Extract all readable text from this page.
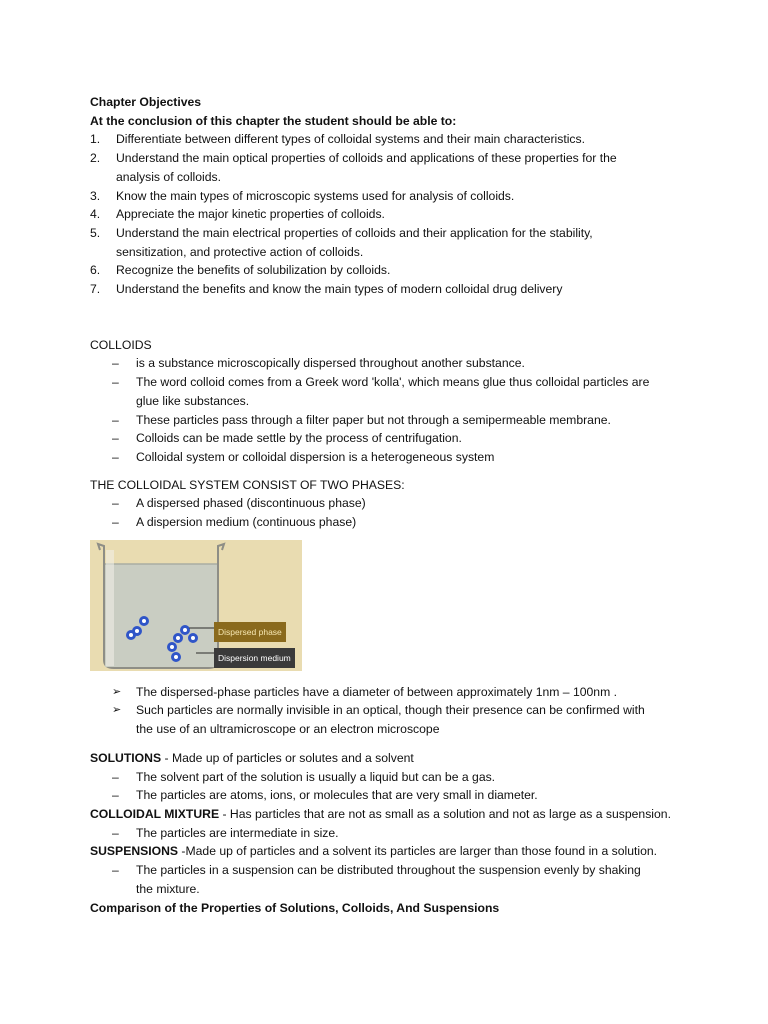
Chapter Objectives
At the conclusion of this chapter the student should be able to:
1.	Differentiate between different types of colloidal systems and their main characteristics.
2.	Understand the main optical properties of colloids and applications of these properties for the
analysis of colloids.
3.	Know the main types of microscopic systems used for analysis of colloids.
4.	Appreciate the major kinetic properties of colloids.
5.	Understand the main electrical properties of colloids and their application for the stability,
sensitization, and protective action of colloids.
6.	Recognize the benefits of solubilization by colloids.
7.	Understand the benefits and know the main types of modern colloidal drug delivery
COLLOIDS
–	is a substance microscopically dispersed throughout another substance.
–	The word colloid comes from a Greek word 'kolla', which means glue thus colloidal particles are
glue like substances.
–	These particles pass through a filter paper but not through a semipermeable membrane.
–	Colloids can be made settle by the process of centrifugation.
–	Colloidal system or colloidal dispersion is a heterogeneous system
THE COLLOIDAL SYSTEM CONSIST OF TWO PHASES:
–	A dispersed phased (discontinuous phase)
–	A dispersion medium (continuous phase)
Dispersed phase
Dispersion medium
➢	The dispersed-phase particles have a diameter of between approximately 1nm – 100nm .
➢	Such particles are normally invisible in an optical, though their presence can be confirmed with
the use of an ultramicroscope or an electron microscope
SOLUTIONS - Made up of particles or solutes and a solvent
–	The solvent part of the solution is usually a liquid but can be a gas.
–	The particles are atoms, ions, or molecules that are very small in diameter.
COLLOIDAL MIXTURE - Has particles that are not as small as a solution and not as large as a suspension.
–	The particles are intermediate in size.
SUSPENSIONS -Made up of particles and a solvent its particles are larger than those found in a solution.
–	The particles in a suspension can be distributed throughout the suspension evenly by shaking
the mixture.
Comparison of the Properties of Solutions, Colloids, And Suspensions
